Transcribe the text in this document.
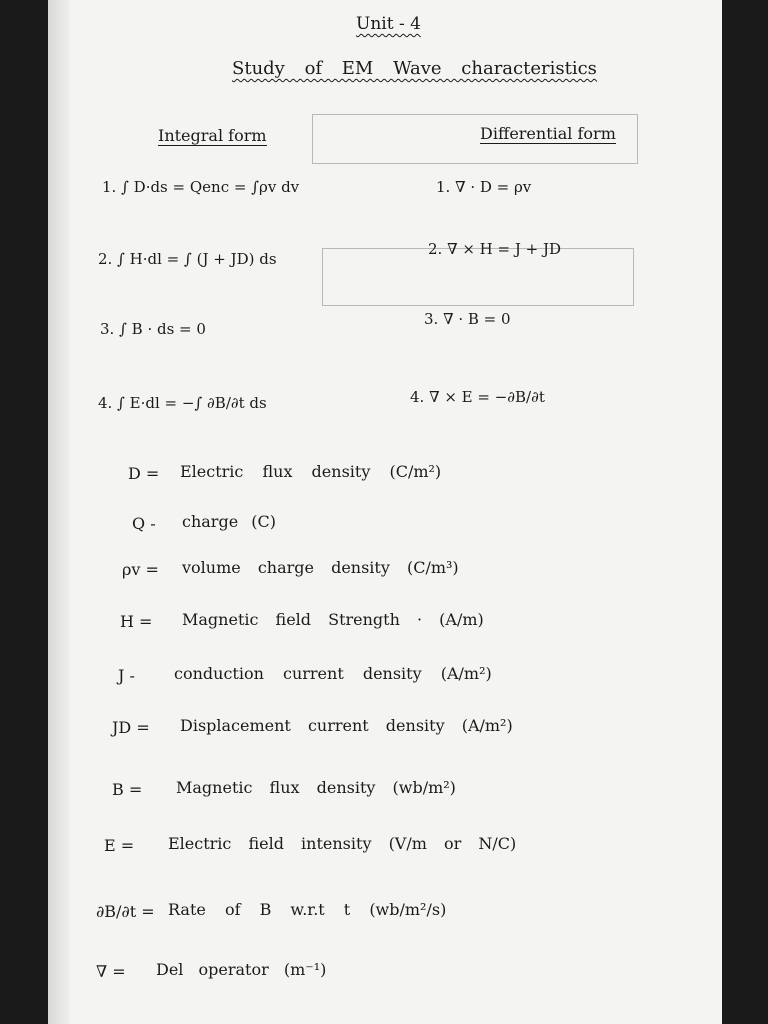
Unit - 4
Study of EM Wave characteristics
Integral form	Differential form
1. ∫ D·ds = Qenc = ∫ρv dv
2. ∫ H·dl = ∫ (J + JD) ds
3. ∫ B · ds = 0
4. ∫ E·dl = −∫ ∂B/∂t ds
1. ∇ · D = ρv
2. ∇ × H = J + JD
3. ∇ · B = 0
4. ∇ × E = −∂B/∂t
D = Electric flux density (C/m²)
Q - charge (C)
ρv = volume charge density (C/m³)
H = Magnetic field Strength · (A/m)
J - conduction current density (A/m²)
JD = Displacement current density (A/m²)
B = Magnetic flux density (wb/m²)
E = Electric field intensity (V/m or N/C)
∂B/∂t = Rate of B w.r.t t (wb/m²/s)
∇ = Del operator (m⁻¹)
